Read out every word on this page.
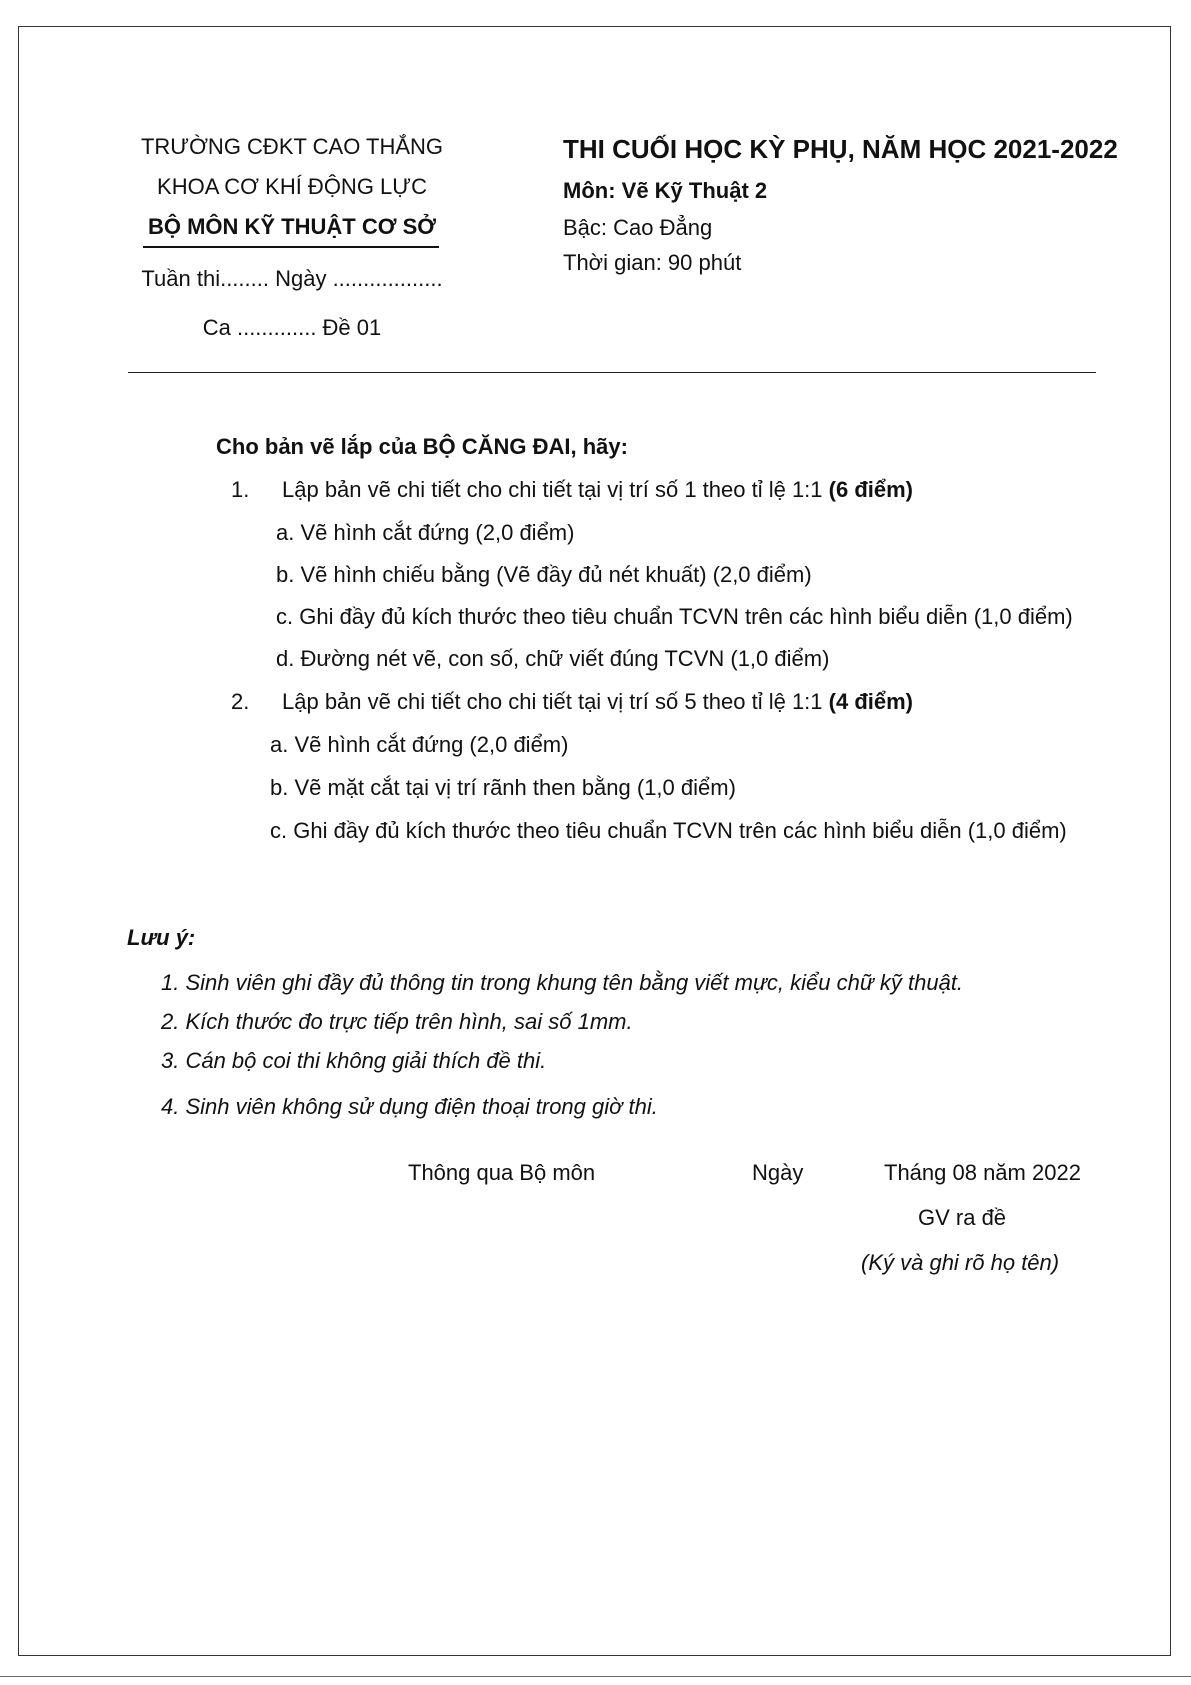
TRƯỜNG CĐKT CAO THẮNG
KHOA CƠ KHÍ ĐỘNG LỰC
BỘ MÔN KỸ THUẬT CƠ SỞ
Tuần thi........ Ngày ..................
Ca ............. Đề 01
THI CUỐI HỌC KỲ PHỤ, NĂM HỌC 2021-2022
Môn: Vẽ Kỹ Thuật 2
Bậc: Cao Đẳng
Thời gian: 90 phút
Cho bản vẽ lắp của BỘ CĂNG ĐAI, hãy:
1. Lập bản vẽ chi tiết cho chi tiết tại vị trí số 1 theo tỉ lệ 1:1 (6 điểm)
a. Vẽ hình cắt đứng (2,0 điểm)
b. Vẽ hình chiếu bằng (Vẽ đầy đủ nét khuất) (2,0 điểm)
c. Ghi đầy đủ kích thước theo tiêu chuẩn TCVN trên các hình biểu diễn (1,0 điểm)
d. Đường nét vẽ, con số, chữ viết đúng TCVN (1,0 điểm)
2. Lập bản vẽ chi tiết cho chi tiết tại vị trí số 5 theo tỉ lệ 1:1 (4 điểm)
a. Vẽ hình cắt đứng (2,0 điểm)
b. Vẽ mặt cắt tại vị trí rãnh then bằng (1,0 điểm)
c. Ghi đầy đủ kích thước theo tiêu chuẩn TCVN trên các hình biểu diễn (1,0 điểm)
Lưu ý:
1. Sinh viên ghi đầy đủ thông tin trong khung tên bằng viết mực, kiểu chữ kỹ thuật.
2. Kích thước đo trực tiếp trên hình, sai số 1mm.
3. Cán bộ coi thi không giải thích đề thi.
4. Sinh viên không sử dụng điện thoại trong giờ thi.
Thông qua Bộ môn	Ngày	Tháng 08 năm 2022
GV ra đề
(Ký và ghi rõ họ tên)
